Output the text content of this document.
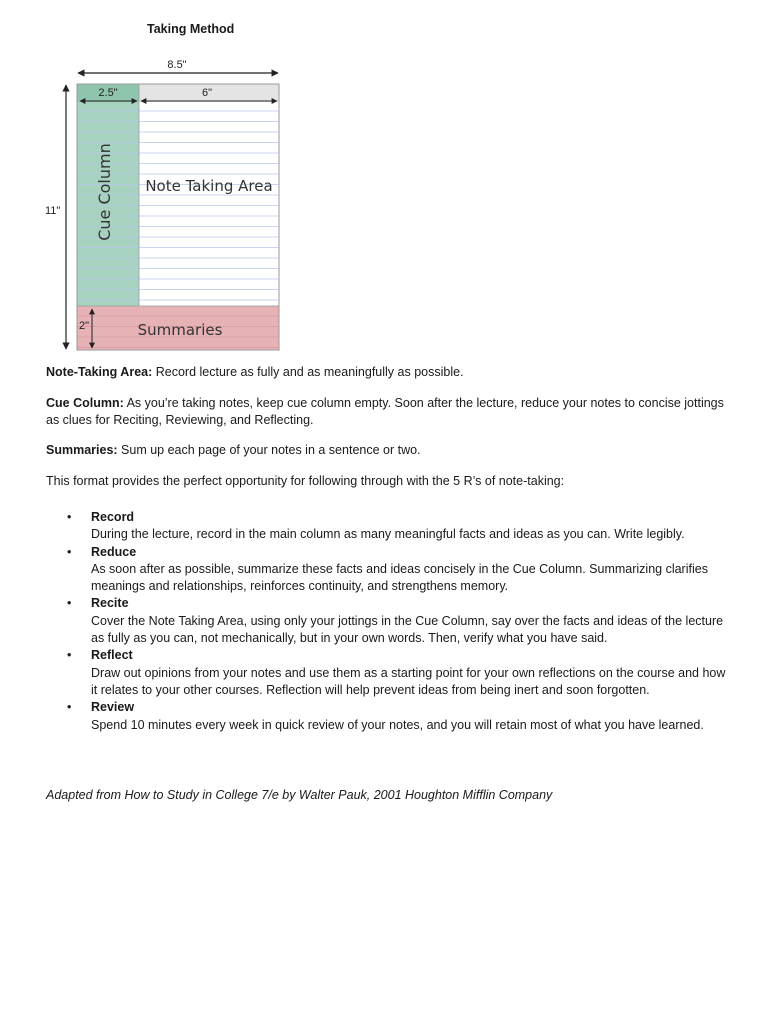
Taking Method
8.5"
11"
2.5"	6"
2"
Cue Column Note Taking Area
Summaries
Note-Taking Area: Record lecture as fully and as meaningfully as possible.
Cue Column: As you’re taking notes, keep cue column empty. Soon after the lecture, reduce your notes to concise jottings as clues for Reciting, Reviewing, and Reflecting.
Summaries: Sum up each page of your notes in a sentence or two.
This format provides the perfect opportunity for following through with the 5 R’s of note-taking:
• Record
During the lecture, record in the main column as many meaningful facts and ideas as you can. Write legibly.
• Reduce
As soon after as possible, summarize these facts and ideas concisely in the Cue Column. Summarizing clarifies meanings and relationships, reinforces continuity, and strengthens memory.
• Recite
Cover the Note Taking Area, using only your jottings in the Cue Column, say over the facts and ideas of the lecture as fully as you can, not mechanically, but in your own words. Then, verify what you have said.
• Reflect
Draw out opinions from your notes and use them as a starting point for your own reflections on the course and how it relates to your other courses. Reflection will help prevent ideas from being inert and soon forgotten.
• Review
Spend 10 minutes every week in quick review of your notes, and you will retain most of what you have learned.
Adapted from How to Study in College 7/e by Walter Pauk, 2001 Houghton Mifflin Company
